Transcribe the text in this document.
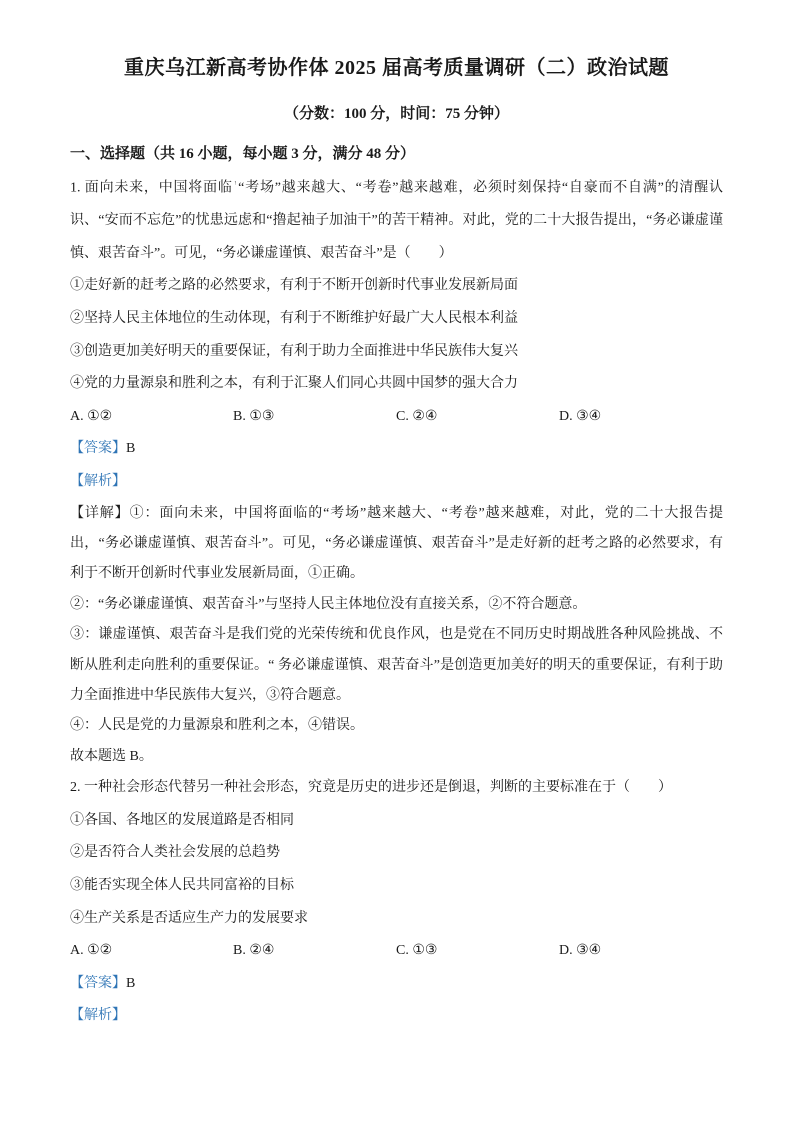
重庆乌江新高考协作体 2025 届高考质量调研（二）政治试题

（分数：100 分，时间：75 分钟）

一、选择题（共 16 小题，每小题 3 分，满分 48 分）

1. 面向未来，中国将面临 $^ᵎ$ “考场”越来越大、“考卷”越来越难，必须时刻保持“自豪而不自满”的清醒认识、“安而不忘危”的忧患远虑和“撸起袖子加油干”的苦干精神。对此，党的二十大报告提出，“务必谦虚谨慎、艰苦奋斗”。可见，“务必谦虚谨慎、艰苦奋斗”是（　　）

①走好新的赶考之路的必然要求，有利于不断开创新时代事业发展新局面

②坚持人民主体地位的生动体现，有利于不断维护好最广大人民根本利益

③创造更加美好明天的重要保证，有利于助力全面推进中华民族伟大复兴

④党的力量源泉和胜利之本，有利于汇聚人们同心共圆中国梦的强大合力

A. ①②	B. ①③	C. ②④	D. ③④

【答案】B

【解析】

【详解】①：面向未来，中国将面临的“考场”越来越大、“考卷”越来越难，对此，党的二十大报告提出，“务必谦虚谨慎、艰苦奋斗”。可见，“务必谦虚谨慎、艰苦奋斗”是走好新的赶考之路的必然要求，有利于不断开创新时代事业发展新局面，①正确。

②：“务必谦虚谨慎、艰苦奋斗”与坚持人民主体地位没有直接关系，②不符合题意。

③：谦虚谨慎、艰苦奋斗是我们党的光荣传统和优良作风，也是党在不同历史时期战胜各种风险挑战、不断从胜利走向胜利的重要保证。“ 务必谦虚谨慎、艰苦奋斗”是创造更加美好的明天的重要保证，有利于助力全面推进中华民族伟大复兴，③符合题意。

④：人民是党的力量源泉和胜利之本，④错误。

故本题选 B。

2. 一种社会形态代替另一种社会形态，究竟是历史的进步还是倒退，判断的主要标准在于（　　）

①各国、各地区的发展道路是否相同

②是否符合人类社会发展的总趋势

③能否实现全体人民共同富裕的目标

④生产关系是否适应生产力的发展要求

A. ①②	B. ②④	C. ①③	D. ③④

【答案】B

【解析】
